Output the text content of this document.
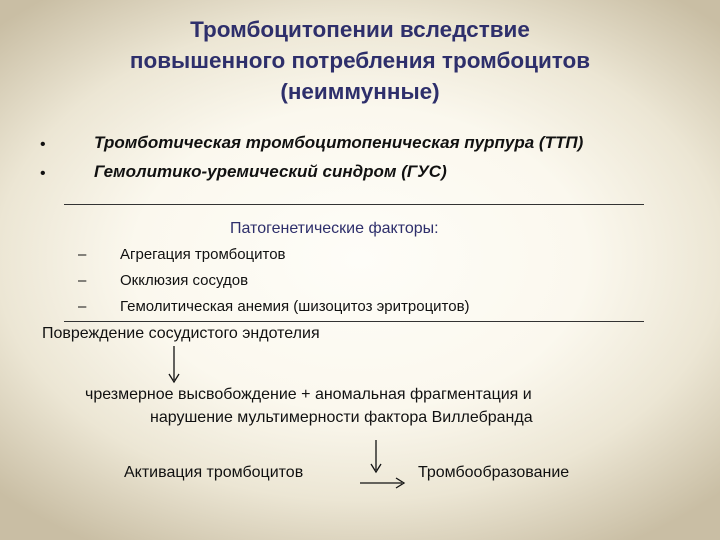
Тромбоцитопении вследствие
повышенного потребления тромбоцитов
(неиммунные)
•	Тромботическая тромбоцитопеническая пурпура (ТТП)
•	Гемолитико-уремический синдром (ГУС)
Патогенетические факторы:
– Агрегация тромбоцитов
– Окклюзия сосудов
– Гемолитическая анемия (шизоцитоз эритроцитов)
Повреждение сосудистого эндотелия
чрезмерное высвобождение + аномальная фрагментация и
нарушение мультимерности фактора Виллебранда
Активация тромбоцитов	Тромбообразование
